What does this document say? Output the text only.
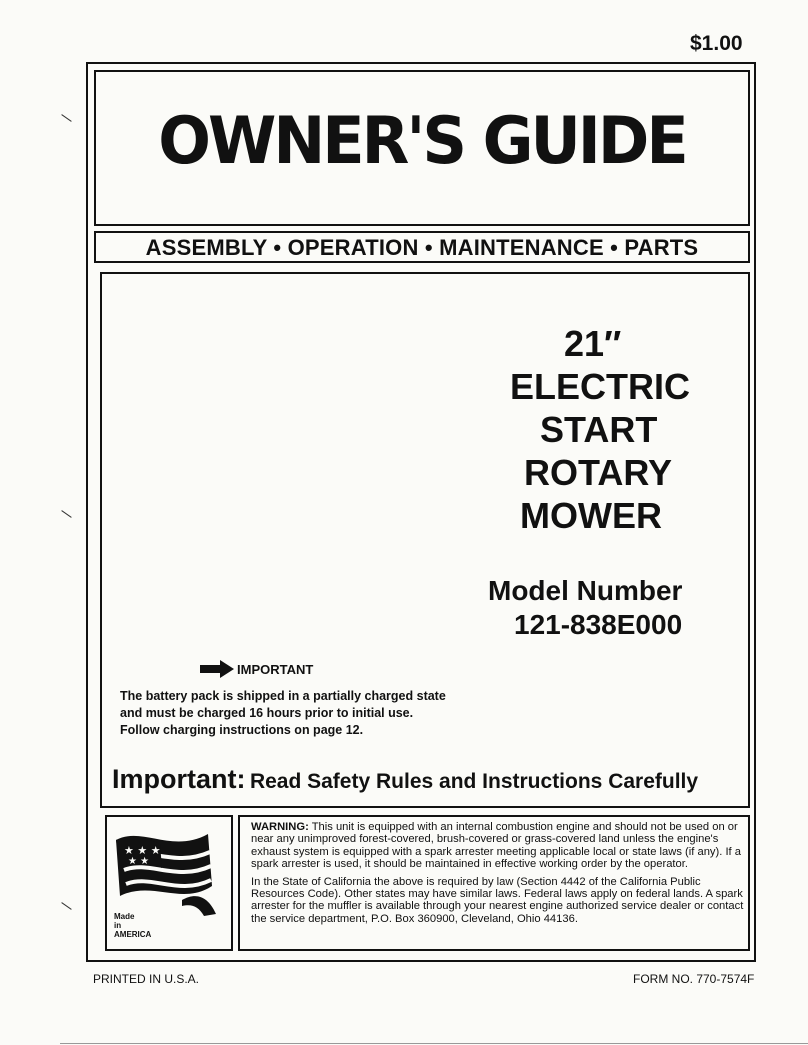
$1.00
OWNER'S GUIDE
ASSEMBLY • OPERATION • MAINTENANCE • PARTS
21″
ELECTRIC
START
ROTARY
MOWER
Model Number
121-838E000
IMPORTANT
The battery pack is shipped in a partially charged state and must be charged 16 hours prior to initial use. Follow charging instructions on page 12.
Important: Read Safety Rules and Instructions Carefully
★ ★ ★
★ ★
Made
in
AMERICA

WARNING: This unit is equipped with an internal combustion engine and should not be used on or near any unimproved forest-covered, brush-covered or grass-covered land unless the engine's exhaust system is equipped with a spark arrester meeting applicable local or state laws (if any). If a spark arrester is used, it should be maintained in effective working order by the operator.

In the State of California the above is required by law (Section 4442 of the California Public Resources Code). Other states may have similar laws. Federal laws apply on federal lands. A spark arrester for the muffler is available through your nearest engine authorized service dealer or contact the service department, P.O. Box 360900, Cleveland, Ohio 44136.

PRINTED IN U.S.A.	FORM NO. 770-7574F
